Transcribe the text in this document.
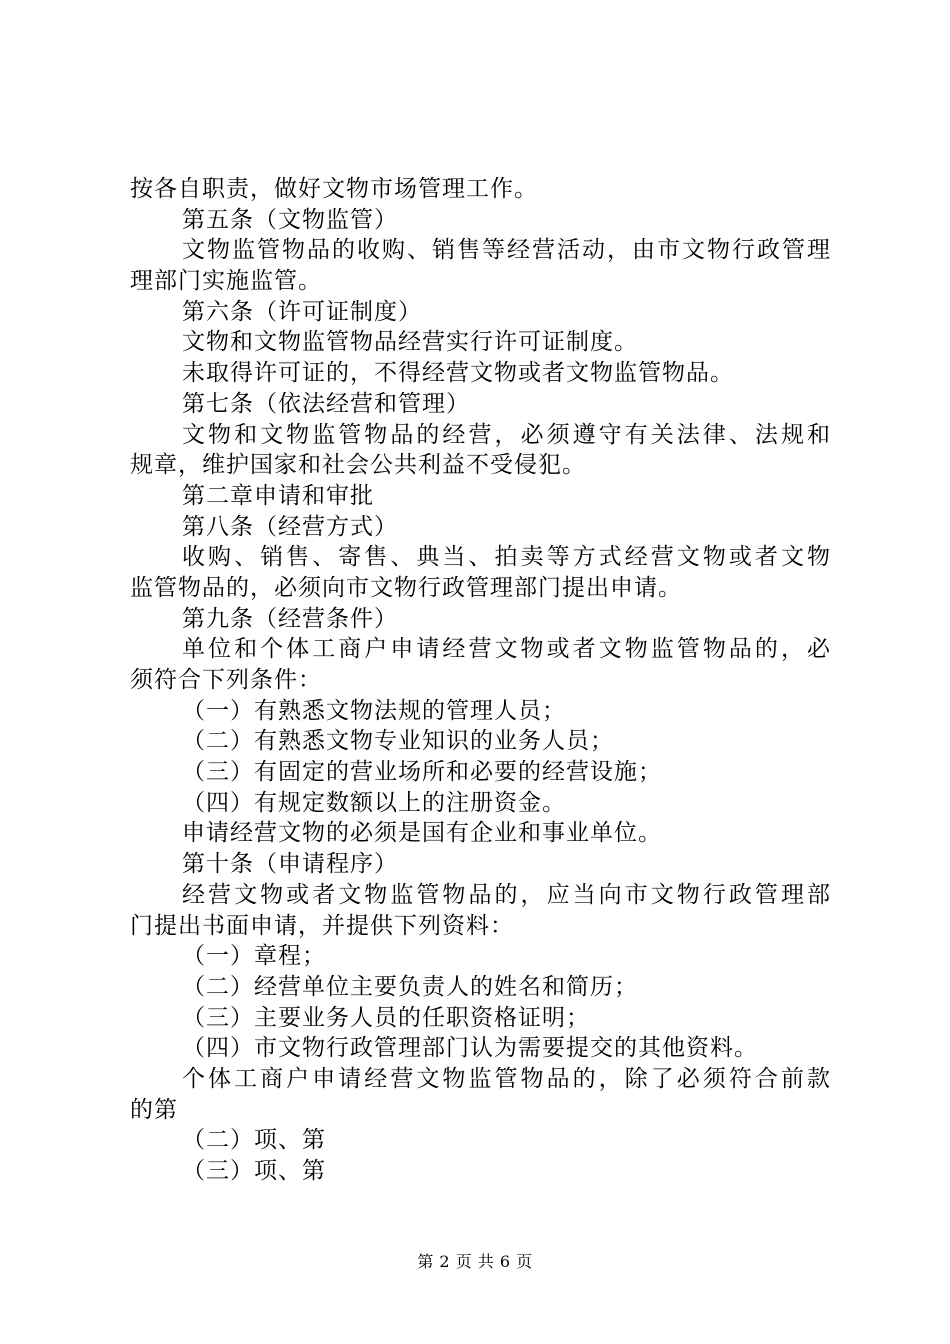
按各自职责，做好文物市场管理工作。
第五条（文物监管）
文物监管物品的收购、销售等经营活动，由市文物行政管理
理部门实施监管。
第六条（许可证制度）
文物和文物监管物品经营实行许可证制度。
未取得许可证的，不得经营文物或者文物监管物品。
第七条（依法经营和管理）
文物和文物监管物品的经营，必须遵守有关法律、法规和
规章，维护国家和社会公共利益不受侵犯。
第二章申请和审批
第八条（经营方式）
收购、销售、寄售、典当、拍卖等方式经营文物或者文物
监管物品的，必须向市文物行政管理部门提出申请。
第九条（经营条件）
单位和个体工商户申请经营文物或者文物监管物品的，必
须符合下列条件：
（一）有熟悉文物法规的管理人员；
（二）有熟悉文物专业知识的业务人员；
（三）有固定的营业场所和必要的经营设施；
（四）有规定数额以上的注册资金。
申请经营文物的必须是国有企业和事业单位。
第十条（申请程序）
经营文物或者文物监管物品的，应当向市文物行政管理部
门提出书面申请，并提供下列资料：
（一）章程；
（二）经营单位主要负责人的姓名和简历；
（三）主要业务人员的任职资格证明；
（四）市文物行政管理部门认为需要提交的其他资料。
个体工商户申请经营文物监管物品的，除了必须符合前款
的第
（二）项、第
（三）项、第
第 2 页 共 6 页
